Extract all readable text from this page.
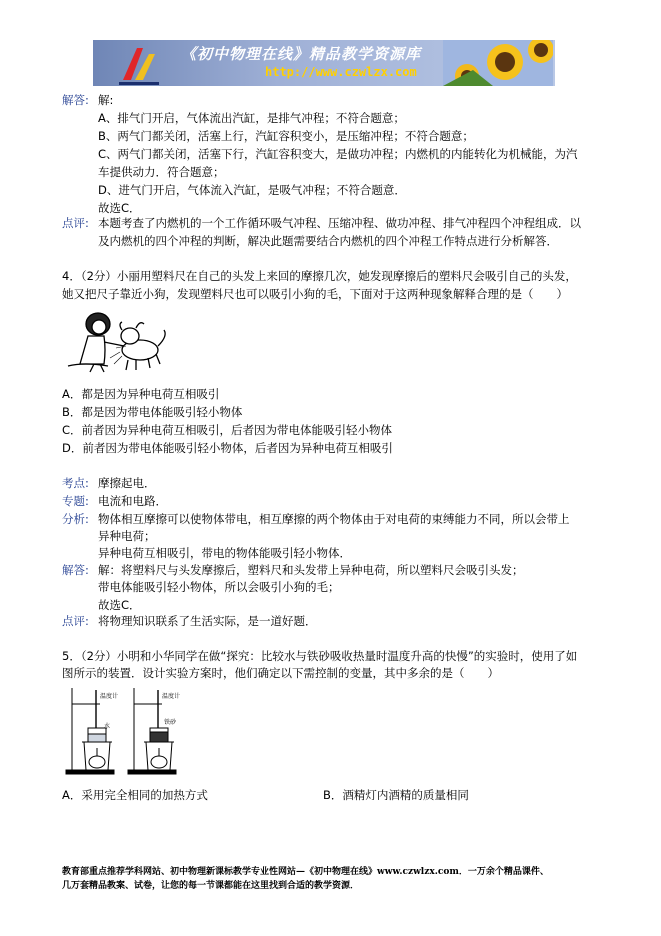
《初中物理在线》精品教学资源库
http://www.czwlzx.com
解答: 解:
A、排气门开启，气体流出汽缸，是排气冲程；不符合题意；
B、两气门都关闭，活塞上行，汽缸容积变小，是压缩冲程；不符合题意；
C、两气门都关闭，活塞下行，汽缸容积变大，是做功冲程；内燃机的内能转化为机械能，为汽
车提供动力．符合题意；
D、进气门开启，气体流入汽缸，是吸气冲程；不符合题意．
故选C．
点评: 本题考查了内燃机的一个工作循环吸气冲程、压缩冲程、做功冲程、排气冲程四个冲程组成．以
及内燃机的四个冲程的判断，解决此题需要结合内燃机的四个冲程工作特点进行分析解答．
4．（2分）小丽用塑料尺在自己的头发上来回的摩擦几次，她发现摩擦后的塑料尺会吸引自己的头发，
她又把尺子靠近小狗，发现塑料尺也可以吸引小狗的毛，下面对于这两种现象解释合理的是（　　）
A．都是因为异种电荷互相吸引
B．都是因为带电体能吸引轻小物体
C．前者因为异种电荷互相吸引，后者因为带电体能吸引轻小物体
D．前者因为带电体能吸引轻小物体，后者因为异种电荷互相吸引
考点: 摩擦起电．
专题: 电流和电路．
分析: 物体相互摩擦可以使物体带电，相互摩擦的两个物体由于对电荷的束缚能力不同，所以会带上
异种电荷；
异种电荷互相吸引，带电的物体能吸引轻小物体．
解答: 解：将塑料尺与头发摩擦后，塑料尺和头发带上异种电荷，所以塑料尺会吸引头发；
带电体能吸引轻小物体，所以会吸引小狗的毛；
故选C．
点评: 将物理知识联系了生活实际，是一道好题．
5．（2分）小明和小华同学在做“探究：比较水与铁砂吸收热量时温度升高的快慢”的实验时，使用了如
图所示的装置．设计实验方案时，他们确定以下需控制的变量，其中多余的是（　　）
温度计
水
温度计
铁砂
A．采用完全相同的加热方式	B．酒精灯内酒精的质量相同
教育部重点推荐学科网站、初中物理新课标教学专业性网站—《初中物理在线》www.czwlzx.com．一万余个精品课件、
几万套精品教案、试卷，让您的每一节课都能在这里找到合适的教学资源．
